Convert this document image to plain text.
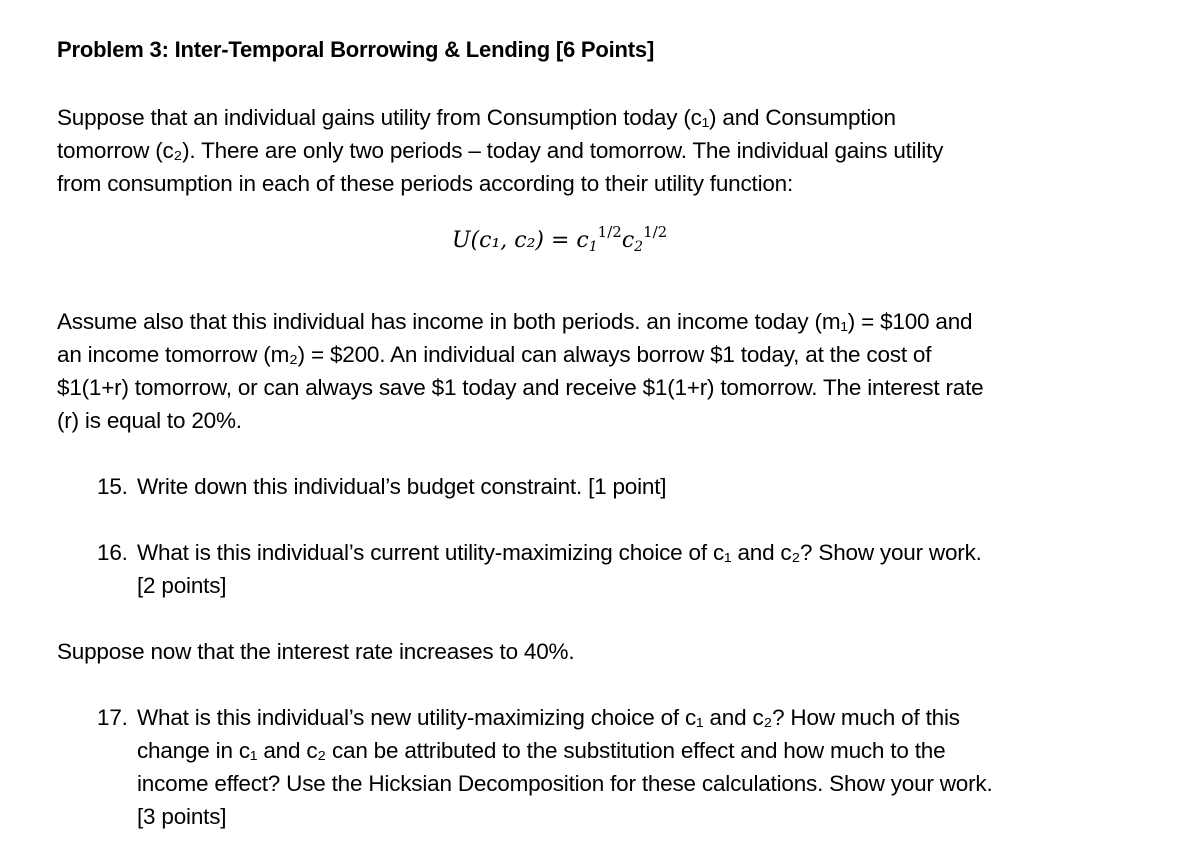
Problem 3: Inter-Temporal Borrowing & Lending [6 Points]
Suppose that an individual gains utility from Consumption today (c₁) and Consumption
tomorrow (c₂). There are only two periods – today and tomorrow. The individual gains utility
from consumption in each of these periods according to their utility function:
U(c₁, $c_2) = c_1^{1/2}c_2^{1/2}$
Assume also that this individual has income in both periods. an income today (m₁) = $100 and
an income tomorrow (m₂) = $200. An individual can always borrow $1 today, at the cost of
$1(1+r) tomorrow, or can always save $1 today and receive $1(1+r) tomorrow. The interest rate
(r) is equal to 20%.
15. Write down this individual’s budget constraint. [1 point]
16. What is this individual’s current utility-maximizing choice of c₁ and c₂? Show your work.
[2 points]
Suppose now that the interest rate increases to 40%.
17. What is this individual’s new utility-maximizing choice of c₁ and c₂? How much of this
change in c₁ and c₂ can be attributed to the substitution effect and how much to the
income effect? Use the Hicksian Decomposition for these calculations. Show your work.
[3 points]
